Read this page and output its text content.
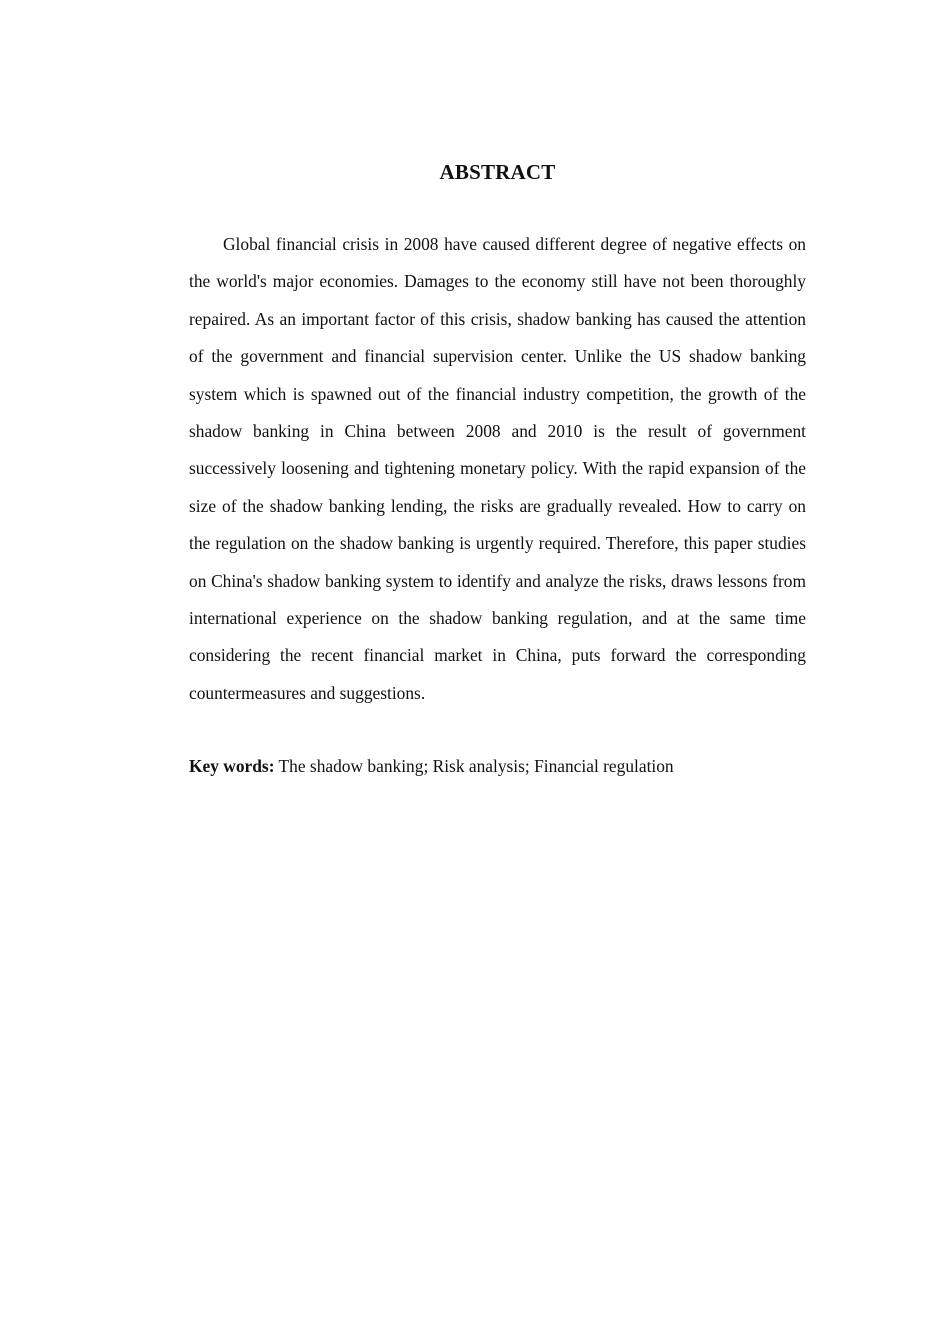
ABSTRACT

Global financial crisis in 2008 have caused different degree of negative effects on the world's major economies. Damages to the economy still have not been thoroughly repaired. As an important factor of this crisis, shadow banking has caused the attention of the government and financial supervision center. Unlike the US shadow banking system which is spawned out of the financial industry competition, the growth of the shadow banking in China between 2008 and 2010 is the result of government successively loosening and tightening monetary policy. With the rapid expansion of the size of the shadow banking lending, the risks are gradually revealed. How to carry on the regulation on the shadow banking is urgently required. Therefore, this paper studies on China's shadow banking system to identify and analyze the risks, draws lessons from international experience on the shadow banking regulation, and at the same time considering the recent financial market in China, puts forward the corresponding countermeasures and suggestions.

Key words: The shadow banking; Risk analysis; Financial regulation
